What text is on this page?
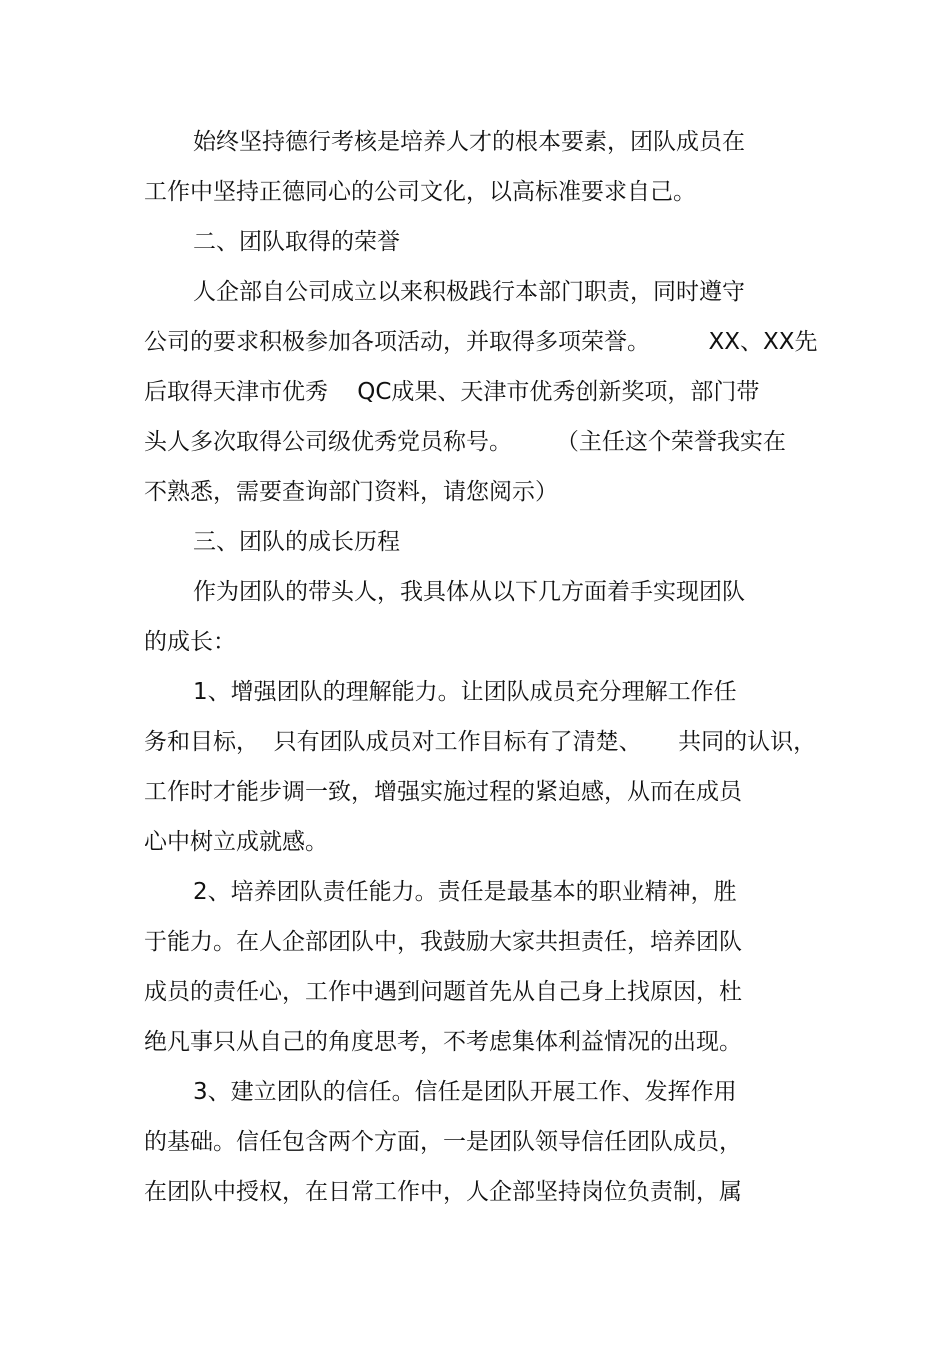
始终坚持德行考核是培养人才的根本要素，团队成员在
工作中坚持正德同心的公司文化，以高标准要求自己。
二、团队取得的荣誉
人企部自公司成立以来积极践行本部门职责，同时遵守
公司的要求积极参加各项活动，并取得多项荣誉。        XX、XX先
后取得天津市优秀    QC成果、天津市优秀创新奖项，部门带
头人多次取得公司级优秀党员称号。      （主任这个荣誉我实在
不熟悉，需要查询部门资料，请您阅示）
三、团队的成长历程
作为团队的带头人，我具体从以下几方面着手实现团队
的成长：
1、增强团队的理解能力。让团队成员充分理解工作任
务和目标，  只有团队成员对工作目标有了清楚、     共同的认识，
工作时才能步调一致，增强实施过程的紧迫感，从而在成员
心中树立成就感。
2、培养团队责任能力。责任是最基本的职业精神，胜
于能力。在人企部团队中，我鼓励大家共担责任，培养团队
成员的责任心，工作中遇到问题首先从自己身上找原因，杜
绝凡事只从自己的角度思考，不考虑集体利益情况的出现。
3、建立团队的信任。信任是团队开展工作、发挥作用
的基础。信任包含两个方面，一是团队领导信任团队成员，
在团队中授权，在日常工作中，人企部坚持岗位负责制，属
